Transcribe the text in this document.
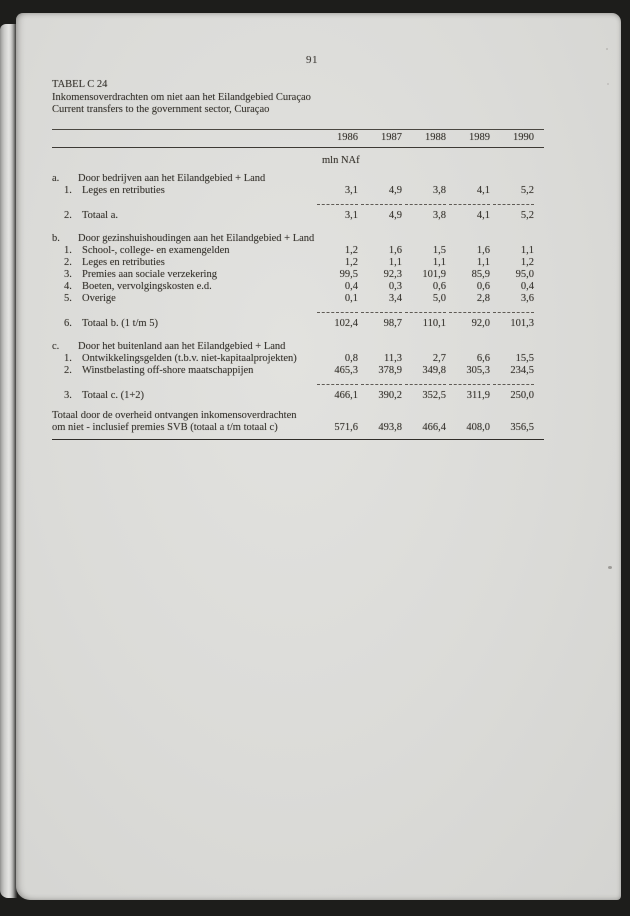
91
TABEL C 24
Inkomensoverdrachten om niet aan het Eilandgebied Curaçao
Current transfers to the government sector, Curaçao
1986	1987	1988	1989	1990
mln NAf
a. Door bedrijven aan het Eilandgebied + Land
1. Leges en retributies	3,1	4,9	3,8	4,1	5,2
2. Totaal a.	3,1	4,9	3,8	4,1	5,2
b. Door gezinshuishoudingen aan het Eilandgebied + Land
1. School-, college- en examengelden	1,2	1,6	1,5	1,6	1,1
2. Leges en retributies	1,2	1,1	1,1	1,1	1,2
3. Premies aan sociale verzekering	99,5	92,3	101,9	85,9	95,0
4. Boeten, vervolgingskosten e.d.	0,4	0,3	0,6	0,6	0,4
5. Overige	0,1	3,4	5,0	2,8	3,6
6. Totaal b. (1 t/m 5)	102,4	98,7	110,1	92,0	101,3
c. Door het buitenland aan het Eilandgebied + Land
1. Ontwikkelingsgelden (t.b.v. niet-kapitaalprojekten)	0,8	11,3	2,7	6,6	15,5
2. Winstbelasting off-shore maatschappijen	465,3	378,9	349,8	305,3	234,5
3. Totaal c. (1+2)	466,1	390,2	352,5	311,9	250,0
Totaal door de overheid ontvangen inkomensoverdrachten
om niet - inclusief premies SVB (totaal a t/m totaal c)	571,6	493,8	466,4	408,0	356,5
